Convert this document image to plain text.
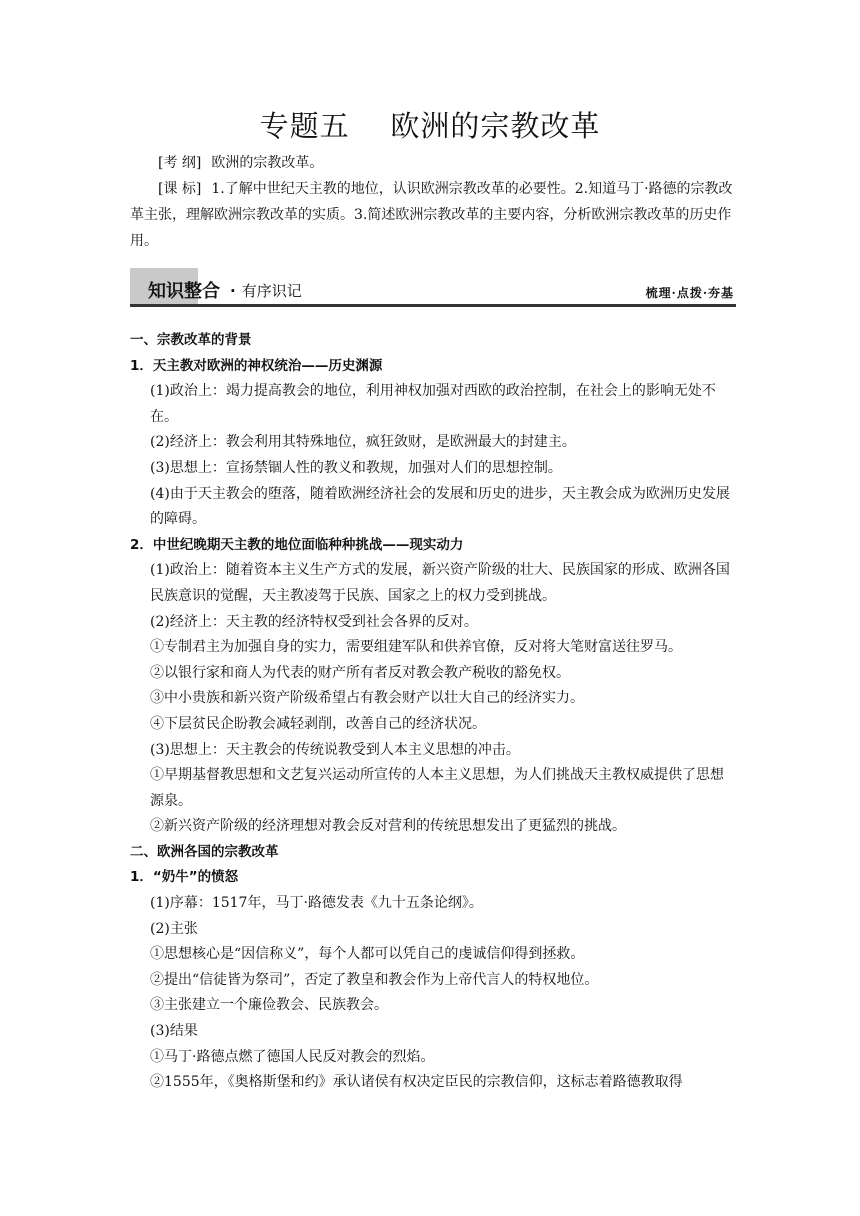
专题五    欧洲的宗教改革

[考 纲] 欧洲的宗教改革。

[课 标] 1.了解中世纪天主教的地位，认识欧洲宗教改革的必要性。2.知道马丁·路德的宗教改革主张，理解欧洲宗教改革的实质。3.简述欧洲宗教改革的主要内容，分析欧洲宗教改革的历史作用。

知识整合 · 有序识记	梳理·点拨·夯基

一、宗教改革的背景

1．天主教对欧洲的神权统治——历史渊源

(1)政治上：竭力提高教会的地位，利用神权加强对西欧的政治控制，在社会上的影响无处不在。

(2)经济上：教会利用其特殊地位，疯狂敛财，是欧洲最大的封建主。

(3)思想上：宣扬禁锢人性的教义和教规，加强对人们的思想控制。

(4)由于天主教会的堕落，随着欧洲经济社会的发展和历史的进步，天主教会成为欧洲历史发展的障碍。

2．中世纪晚期天主教的地位面临种种挑战——现实动力

(1)政治上：随着资本主义生产方式的发展，新兴资产阶级的壮大、民族国家的形成、欧洲各国民族意识的觉醒，天主教凌驾于民族、国家之上的权力受到挑战。

(2)经济上：天主教的经济特权受到社会各界的反对。

①专制君主为加强自身的实力，需要组建军队和供养官僚，反对将大笔财富送往罗马。

②以银行家和商人为代表的财产所有者反对教会教产税收的豁免权。

③中小贵族和新兴资产阶级希望占有教会财产以壮大自己的经济实力。

④下层贫民企盼教会减轻剥削，改善自己的经济状况。

(3)思想上：天主教会的传统说教受到人本主义思想的冲击。

①早期基督教思想和文艺复兴运动所宣传的人本主义思想，为人们挑战天主教权威提供了思想源泉。

②新兴资产阶级的经济理想对教会反对营利的传统思想发出了更猛烈的挑战。

二、欧洲各国的宗教改革

1．“奶牛”的愤怒

(1)序幕：1517年，马丁·路德发表《九十五条论纲》。

(2)主张

①思想核心是“因信称义”，每个人都可以凭自己的虔诚信仰得到拯救。

②提出“信徒皆为祭司”，否定了教皇和教会作为上帝代言人的特权地位。

③主张建立一个廉俭教会、民族教会。

(3)结果

①马丁·路德点燃了德国人民反对教会的烈焰。

②1555年，《奥格斯堡和约》承认诸侯有权决定臣民的宗教信仰，这标志着路德教取得
